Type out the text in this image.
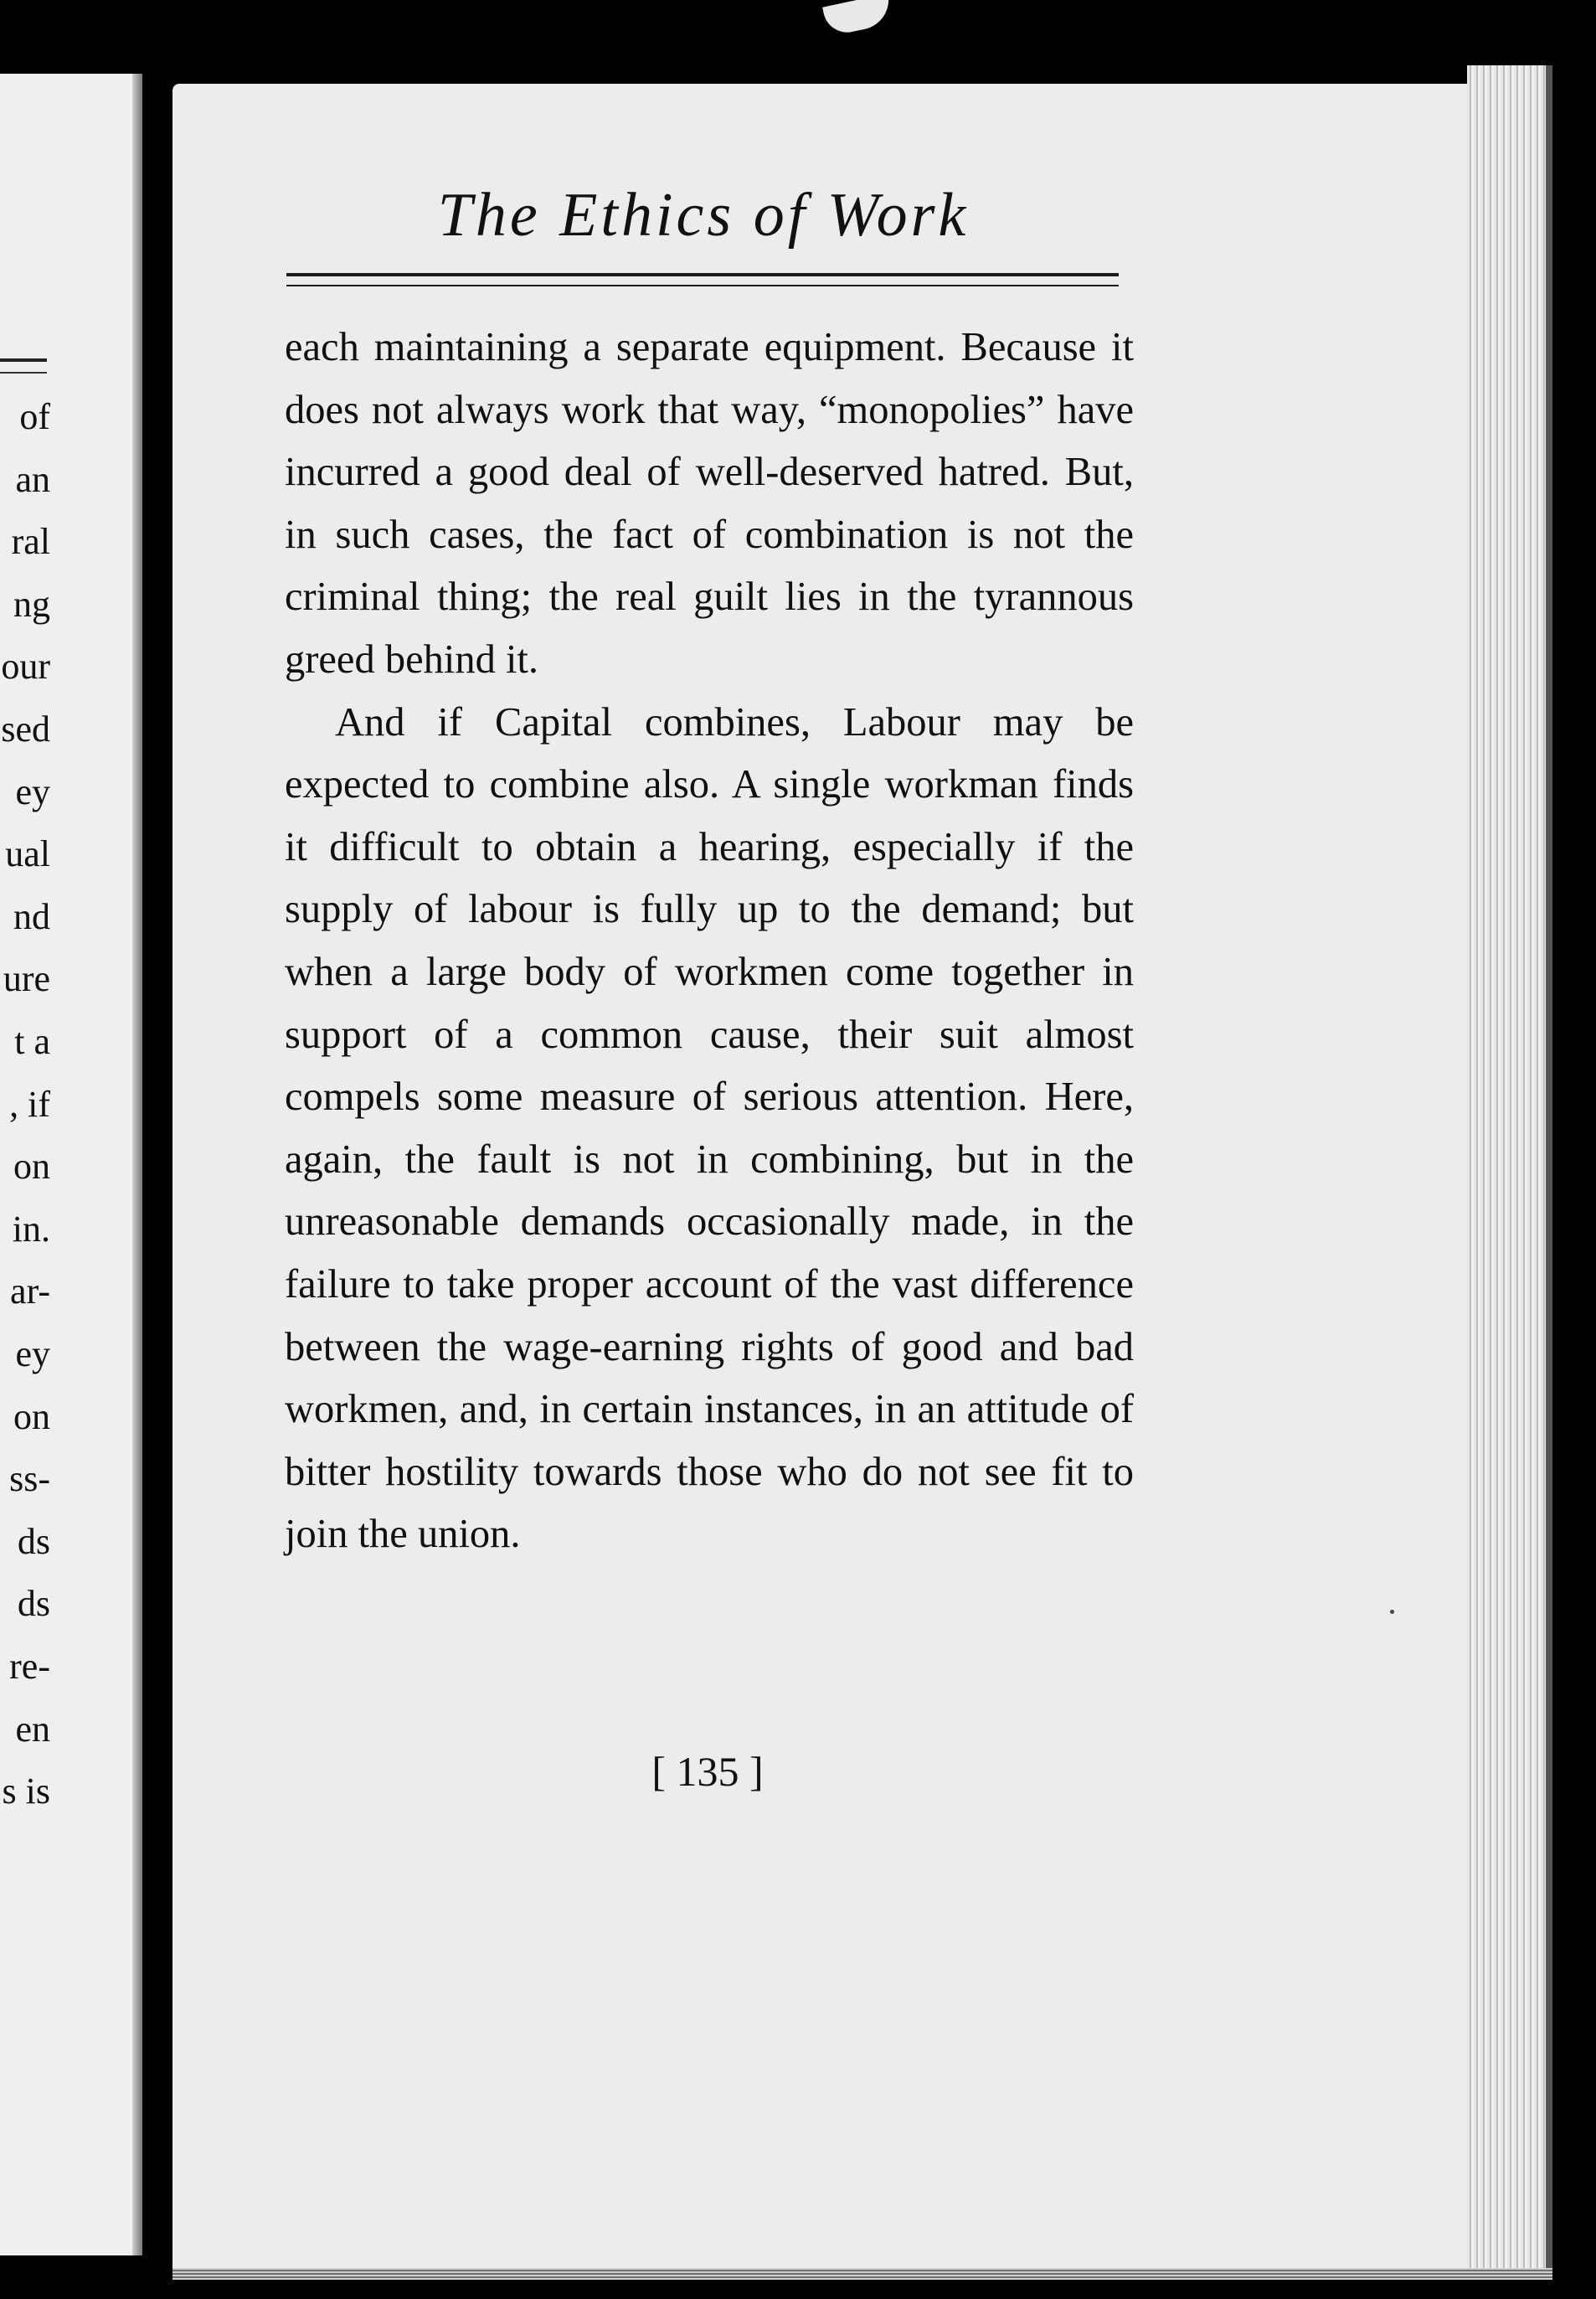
of
an
ral
ng
our
sed
ey
ual
nd
ure
t a
, if
on
in.
ar-
ey
on
ss-
ds
ds
re-
en
s is
The Ethics of Work

each maintaining a separate equipment. Because it does not always work that way, “monopolies” have incurred a good deal of well-deserved hatred. But, in such cases, the fact of combination is not the criminal thing; the real guilt lies in the tyrannous greed behind it.

And if Capital combines, Labour may be expected to combine also. A single workman finds it difficult to obtain a hearing, especially if the supply of labour is fully up to the demand; but when a large body of workmen come together in support of a common cause, their suit almost compels some measure of serious attention. Here, again, the fault is not in combining, but in the unreasonable demands occasionally made, in the failure to take proper account of the vast difference between the wage-earning rights of good and bad workmen, and, in certain instances, in an attitude of bitter hostility towards those who do not see fit to join the union.

[ 135 ]
